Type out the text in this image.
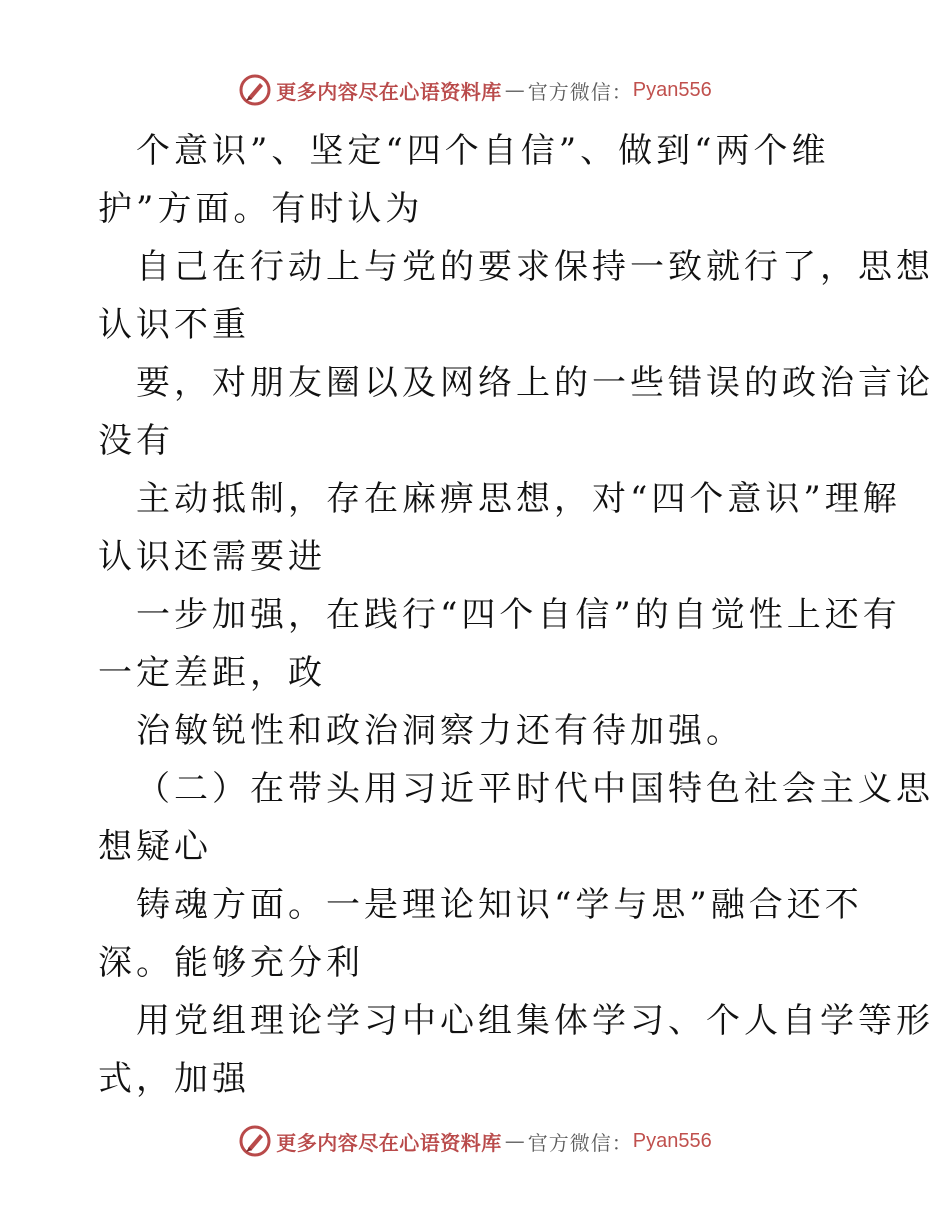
更多内容尽在心语资料库 — 官方微信： Pyan556
个意识”、坚定“四个自信”、做到“两个维
护”方面。有时认为
自己在行动上与党的要求保持一致就行了，思想
认识不重
要，对朋友圈以及网络上的一些错误的政治言论
没有
主动抵制，存在麻痹思想，对“四个意识”理解
认识还需要进
一步加强，在践行“四个自信”的自觉性上还有
一定差距，政
治敏锐性和政治洞察力还有待加强。
（二）在带头用习近平时代中国特色社会主义思
想疑心
铸魂方面。一是理论知识“学与思”融合还不
深。能够充分利
用党组理论学习中心组集体学习、个人自学等形
式，加强
更多内容尽在心语资料库 — 官方微信： Pyan556
